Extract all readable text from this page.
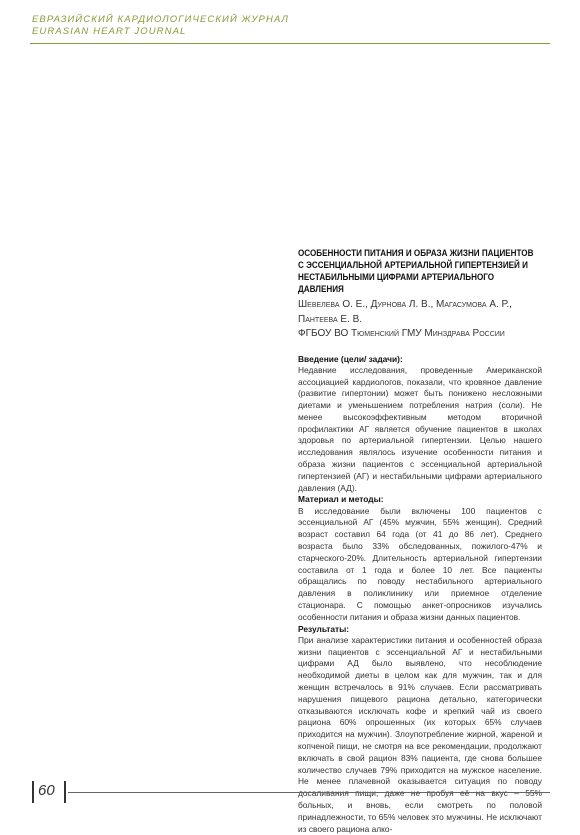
ЕВРАЗИЙСКИЙ КАРДИОЛОГИЧЕСКИЙ ЖУРНАЛ
EURASIAN HEART JOURNAL

ОСОБЕННОСТИ ПИТАНИЯ И ОБРАЗА ЖИЗНИ ПАЦИЕНТОВ С ЭССЕНЦИАЛЬНОЙ АРТЕРИАЛЬНОЙ ГИПЕРТЕНЗИЕЙ И НЕСТАБИЛЬНЫМИ ЦИФРАМИ АРТЕРИАЛЬНОГО ДАВЛЕНИЯ

Шевелева О. Е., Дурнова Л. В., Магасумова А. Р., Пантеева Е. В.

ФГБОУ ВО Тюменский ГМУ Минздрава России

Введение (цели/ задачи):

Недавние исследования, проведенные Американской ассоциацией кардиологов, показали, что кровяное давление (развитие гипертонии) может быть понижено несложными диетами и уменьшением потребления натрия (соли). Не менее высокоэффективным методом вторичной профилактики АГ является обучение пациентов в школах здоровья по артериальной гипертензии. Целью нашего исследования являлось изучение особенности питания и образа жизни пациентов с эссенциальной артериальной гипертензией (АГ) и нестабильными цифрами артериального давления (АД).

Материал и методы:

В исследование были включены 100 пациентов с эссенциальной АГ (45% мужчин, 55% женщин). Средний возраст составил 64 года (от 41 до 86 лет). Среднего возраста было 33% обследованных, пожилого-47% и старческого-20%. Длительность артериальной гипертензии составила от 1 года и более 10 лет. Все пациенты обращались по поводу нестабильного артериального давления в поликлинику или приемное отделение стационара. С помощью анкет-опросников изучались особенности питания и образа жизни данных пациентов.

Результаты:

При анализе характеристики питания и особенностей образа жизни пациентов с эссенциальной АГ и нестабильными цифрами АД было выявлено, что несоблюдение необходимой диеты в целом как для мужчин, так и для женщин встречалось в 91% случаев. Если рассматривать нарушения пищевого рациона детально, категорически отказываются исключать кофе и крепкий чай из своего рациона 60% опрошенных (их которых 65% случаев приходится на мужчин). Злоупотребление жирной, жареной и копченой пищи, не смотря на все рекомендации, продолжают включать в свой рацион 83% пациента, где снова большее количество случаев 79% приходится на мужское население. Не менее плачевной оказывается ситуация по поводу досаливания пищи, даже не пробуя её на вкус – 55% больных, и вновь, если смотреть по половой принадлежности, то 65% человек это мужчины. Не исключают из своего рациона алко-

60
